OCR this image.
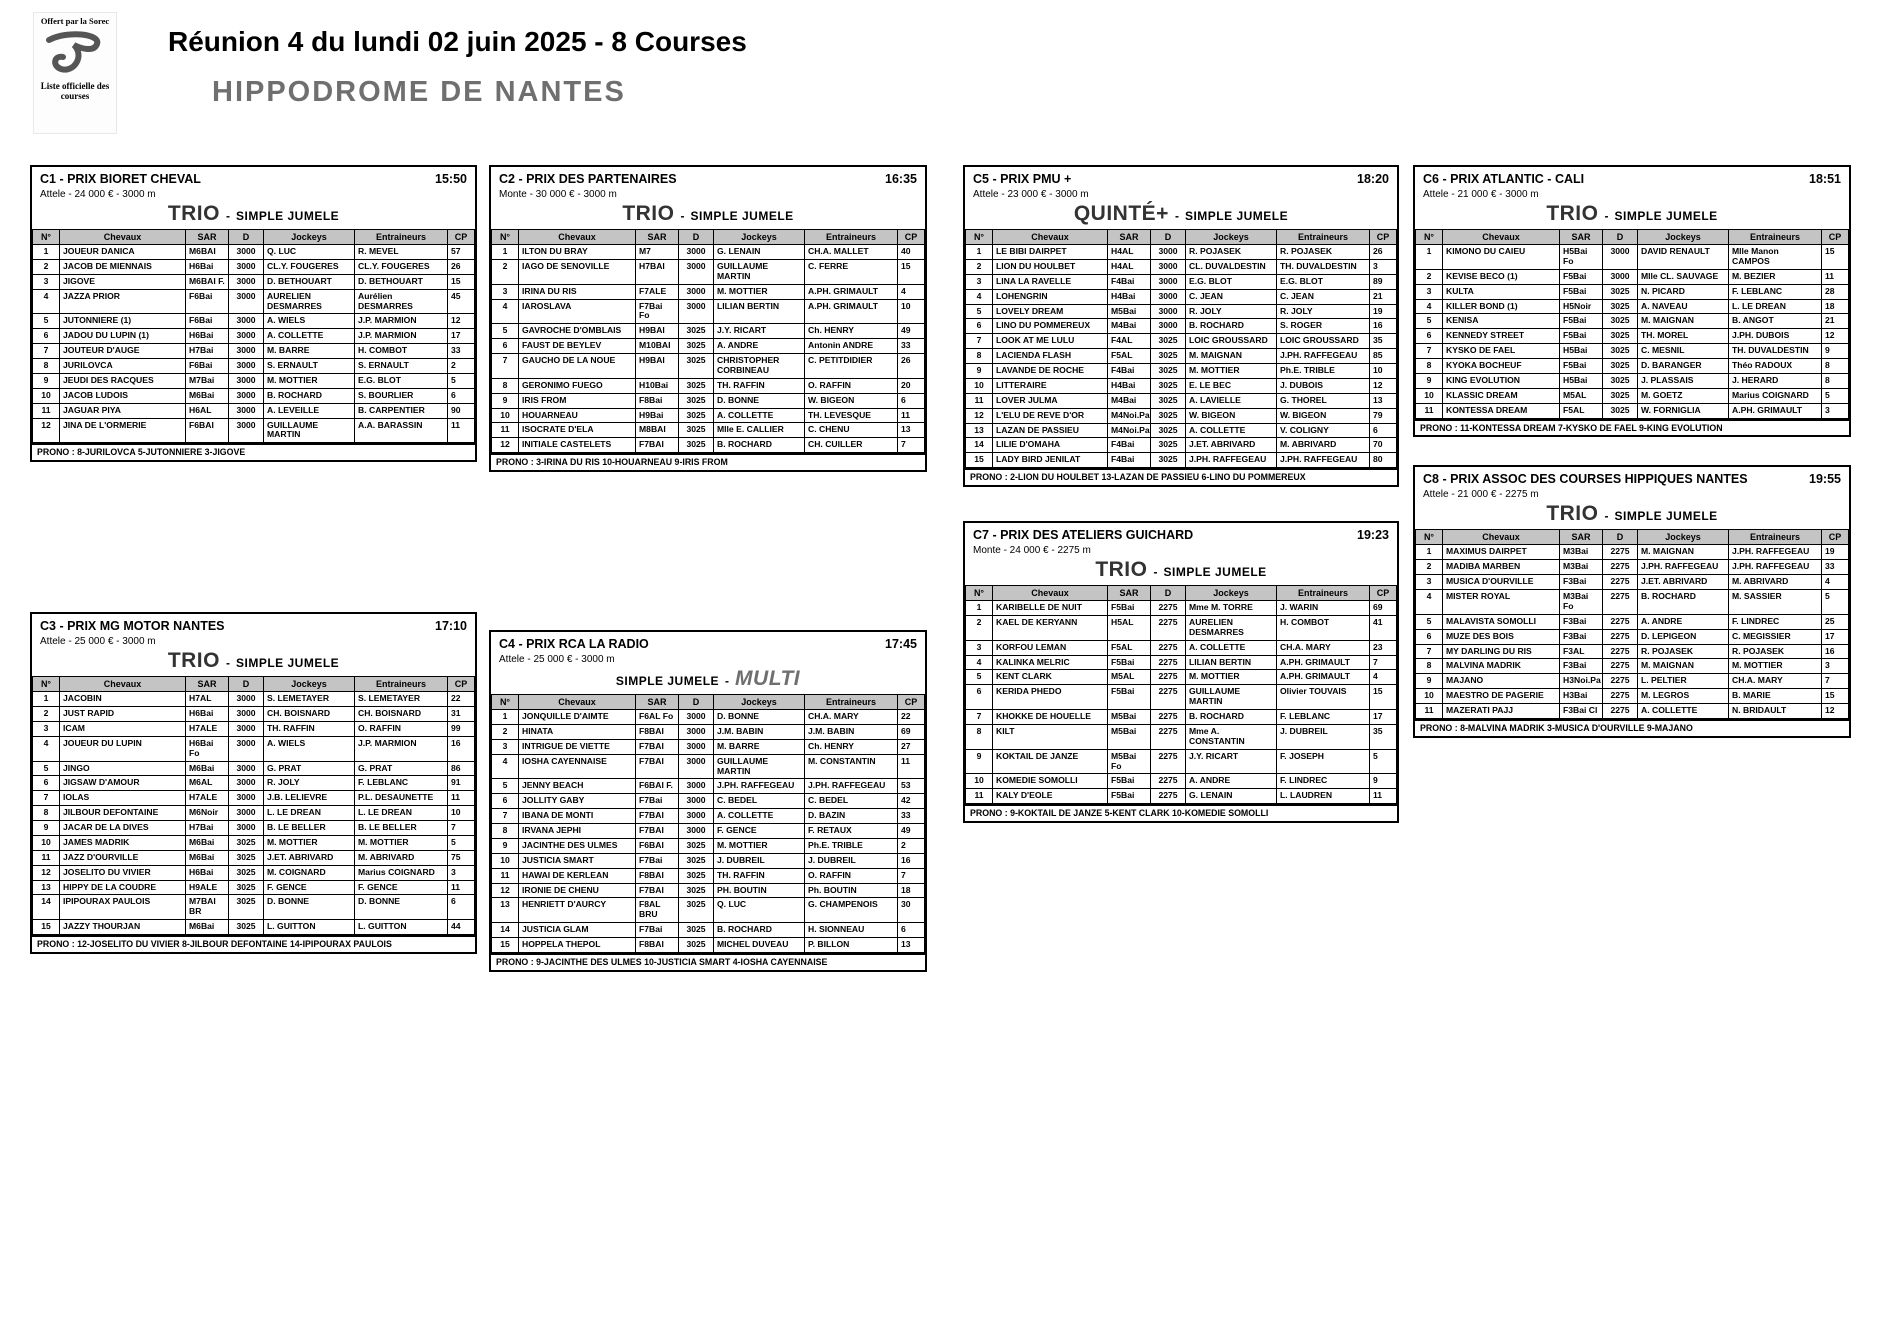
Offert par la Sorec
Liste officielle des courses
Réunion 4 du lundi 02 juin 2025 - 8 Courses
HIPPODROME DE NANTES
C1 - PRIX BIORET CHEVAL	15:50
Attele - 24 000 € - 3000 m
TRIO - SIMPLE JUMELE
N°	Chevaux	SAR	D	Jockeys	Entraineurs	CP
1	JOUEUR DANICA	M6BAI	3000	Q. LUC	R. MEVEL	57
2	JACOB DE MIENNAIS	H6Bai	3000	CL.Y. FOUGERES	CL.Y. FOUGERES	26
3	JIGOVE	M6BAI F.	3000	D. BETHOUART	D. BETHOUART	15
4	JAZZA PRIOR	F6Bai	3000	AURELIEN DESMARRES	Aurélien DESMARRES	45
5	JUTONNIERE (1)	F6Bai	3000	A. WIELS	J.P. MARMION	12
6	JADOU DU LUPIN (1)	H6Bai	3000	A. COLLETTE	J.P. MARMION	17
7	JOUTEUR D'AUGE	H7Bai	3000	M. BARRE	H. COMBOT	33
8	JURILOVCA	F6Bai	3000	S. ERNAULT	S. ERNAULT	2
9	JEUDI DES RACQUES	M7Bai	3000	M. MOTTIER	E.G. BLOT	5
10	JACOB LUDOIS	M6Bai	3000	B. ROCHARD	S. BOURLIER	6
11	JAGUAR PIYA	H6AL	3000	A. LEVEILLE	B. CARPENTIER	90
12	JINA DE L'ORMERIE	F6BAI	3000	GUILLAUME MARTIN	A.A. BARASSIN	11
PRONO : 8-JURILOVCA 5-JUTONNIERE 3-JIGOVE
C3 - PRIX MG MOTOR NANTES	17:10
Attele - 25 000 € - 3000 m
TRIO - SIMPLE JUMELE
N°	Chevaux	SAR	D	Jockeys	Entraineurs	CP
1	JACOBIN	H7AL	3000	S. LEMETAYER	S. LEMETAYER	22
2	JUST RAPID	H6Bai	3000	CH. BOISNARD	CH. BOISNARD	31
3	ICAM	H7ALE	3000	TH. RAFFIN	O. RAFFIN	99
4	JOUEUR DU LUPIN	H6Bai Fo	3000	A. WIELS	J.P. MARMION	16
5	JINGO	M6Bai	3000	G. PRAT	G. PRAT	86
6	JIGSAW D'AMOUR	M6AL	3000	R. JOLY	F. LEBLANC	91
7	IOLAS	H7ALE	3000	J.B. LELIEVRE	P.L. DESAUNETTE	11
8	JILBOUR DEFONTAINE	M6Noir	3000	L. LE DREAN	L. LE DREAN	10
9	JACAR DE LA DIVES	H7Bai	3000	B. LE BELLER	B. LE BELLER	7
10	JAMES MADRIK	M6Bai	3025	M. MOTTIER	M. MOTTIER	5
11	JAZZ D'OURVILLE	M6Bai	3025	J.ET. ABRIVARD	M. ABRIVARD	75
12	JOSELITO DU VIVIER	H6Bai	3025	M. COIGNARD	Marius COIGNARD	3
13	HIPPY DE LA COUDRE	H9ALE	3025	F. GENCE	F. GENCE	11
14	IPIPOURAX PAULOIS	M7BAI BR	3025	D. BONNE	D. BONNE	6
15	JAZZY THOURJAN	M6Bai	3025	L. GUITTON	L. GUITTON	44
PRONO : 12-JOSELITO DU VIVIER 8-JILBOUR DEFONTAINE 14-IPIPOURAX PAULOIS
C2 - PRIX DES PARTENAIRES	16:35
Monte - 30 000 € - 3000 m
TRIO - SIMPLE JUMELE
N°	Chevaux	SAR	D	Jockeys	Entraineurs	CP
1	ILTON DU BRAY	M7	3000	G. LENAIN	CH.A. MALLET	40
2	IAGO DE SENOVILLE	H7BAI	3000	GUILLAUME MARTIN	C. FERRE	15
3	IRINA DU RIS	F7ALE	3000	M. MOTTIER	A.PH. GRIMAULT	4
4	IAROSLAVA	F7Bai Fo	3000	LILIAN BERTIN	A.PH. GRIMAULT	10
5	GAVROCHE D'OMBLAIS	H9BAI	3025	J.Y. RICART	Ch. HENRY	49
6	FAUST DE BEYLEV	M10BAI	3025	A. ANDRE	Antonin ANDRE	33
7	GAUCHO DE LA NOUE	H9BAI	3025	CHRISTOPHER CORBINEAU	C. PETITDIDIER	26
8	GERONIMO FUEGO	H10Bai	3025	TH. RAFFIN	O. RAFFIN	20
9	IRIS FROM	F8Bai	3025	D. BONNE	W. BIGEON	6
10	HOUARNEAU	H9Bai	3025	A. COLLETTE	TH. LEVESQUE	11
11	ISOCRATE D'ELA	M8BAI	3025	Mlle E. CALLIER	C. CHENU	13
12	INITIALE CASTELETS	F7BAI	3025	B. ROCHARD	CH. CUILLER	7
PRONO : 3-IRINA DU RIS 10-HOUARNEAU 9-IRIS FROM
C4 - PRIX RCA LA RADIO	17:45
Attele - 25 000 € - 3000 m
MULTI
-
SIMPLE JUMELE
N°	Chevaux	SAR	D	Jockeys	Entraineurs	CP
1	JONQUILLE D'AIMTE	F6AL Fo	3000	D. BONNE	CH.A. MARY	22
2	HINATA	F8BAI	3000	J.M. BABIN	J.M. BABIN	69
3	INTRIGUE DE VIETTE	F7BAI	3000	M. BARRE	Ch. HENRY	27
4	IOSHA CAYENNAISE	F7BAI	3000	GUILLAUME MARTIN	M. CONSTANTIN	11
5	JENNY BEACH	F6BAI F.	3000	J.PH. RAFFEGEAU	J.PH. RAFFEGEAU	53
6	JOLLITY GABY	F7Bai	3000	C. BEDEL	C. BEDEL	42
7	IBANA DE MONTI	F7BAI	3000	A. COLLETTE	D. BAZIN	33
8	IRVANA JEPHI	F7BAI	3000	F. GENCE	F. RETAUX	49
9	JACINTHE DES ULMES	F6BAI	3025	M. MOTTIER	Ph.E. TRIBLE	2
10	JUSTICIA SMART	F7Bai	3025	J. DUBREIL	J. DUBREIL	16
11	HAWAI DE KERLEAN	F8BAI	3025	TH. RAFFIN	O. RAFFIN	7
12	IRONIE DE CHENU	F7BAI	3025	PH. BOUTIN	Ph. BOUTIN	18
13	HENRIETT D'AURCY	F8AL BRU	3025	Q. LUC	G. CHAMPENOIS	30
14	JUSTICIA GLAM	F7Bai	3025	B. ROCHARD	H. SIONNEAU	6
15	HOPPELA THEPOL	F8BAI	3025	MICHEL DUVEAU	P. BILLON	13
PRONO : 9-JACINTHE DES ULMES 10-JUSTICIA SMART 4-IOSHA CAYENNAISE
C5 - PRIX PMU +	18:20
Attele - 23 000 € - 3000 m
QUINTÉ+ - SIMPLE JUMELE
N°	Chevaux	SAR	D	Jockeys	Entraineurs	CP
1	LE BIBI DAIRPET	H4AL	3000	R. POJASEK	R. POJASEK	26
2	LION DU HOULBET	H4AL	3000	CL. DUVALDESTIN	TH. DUVALDESTIN	3
3	LINA LA RAVELLE	F4Bai	3000	E.G. BLOT	E.G. BLOT	89
4	LOHENGRIN	H4Bai	3000	C. JEAN	C. JEAN	21
5	LOVELY DREAM	M5Bai	3000	R. JOLY	R. JOLY	19
6	LINO DU POMMEREUX	M4Bai	3000	B. ROCHARD	S. ROGER	16
7	LOOK AT ME LULU	F4AL	3025	LOIC GROUSSARD	LOIC GROUSSARD	35
8	LACIENDA FLASH	F5AL	3025	M. MAIGNAN	J.PH. RAFFEGEAU	85
9	LAVANDE DE ROCHE	F4Bai	3025	M. MOTTIER	Ph.E. TRIBLE	10
10	LITTERAIRE	H4Bai	3025	E. LE BEC	J. DUBOIS	12
11	LOVER JULMA	M4Bai	3025	A. LAVIELLE	G. THOREL	13
12	L'ELU DE REVE D'OR	M4Noi.Pa	3025	W. BIGEON	W. BIGEON	79
13	LAZAN DE PASSIEU	M4Noi.Pa	3025	A. COLLETTE	V. COLIGNY	6
14	LILIE D'OMAHA	F4Bai	3025	J.ET. ABRIVARD	M. ABRIVARD	70
15	LADY BIRD JENILAT	F4Bai	3025	J.PH. RAFFEGEAU	J.PH. RAFFEGEAU	80
PRONO : 2-LION DU HOULBET 13-LAZAN DE PASSIEU 6-LINO DU POMMEREUX
C7 - PRIX DES ATELIERS GUICHARD	19:23
Monte - 24 000 € - 2275 m
TRIO - SIMPLE JUMELE
N°	Chevaux	SAR	D	Jockeys	Entraineurs	CP
1	KARIBELLE DE NUIT	F5Bai	2275	Mme M. TORRE	J. WARIN	69
2	KAEL DE KERYANN	H5AL	2275	AURELIEN DESMARRES	H. COMBOT	41
3	KORFOU LEMAN	F5AL	2275	A. COLLETTE	CH.A. MARY	23
4	KALINKA MELRIC	F5Bai	2275	LILIAN BERTIN	A.PH. GRIMAULT	7
5	KENT CLARK	M5AL	2275	M. MOTTIER	A.PH. GRIMAULT	4
6	KERIDA PHEDO	F5Bai	2275	GUILLAUME MARTIN	Olivier TOUVAIS	15
7	KHOKKE DE HOUELLE	M5Bai	2275	B. ROCHARD	F. LEBLANC	17
8	KILT	M5Bai	2275	Mme A. CONSTANTIN	J. DUBREIL	35
9	KOKTAIL DE JANZE	M5Bai Fo	2275	J.Y. RICART	F. JOSEPH	5
10	KOMEDIE SOMOLLI	F5Bai	2275	A. ANDRE	F. LINDREC	9
11	KALY D'EOLE	F5Bai	2275	G. LENAIN	L. LAUDREN	11
PRONO : 9-KOKTAIL DE JANZE 5-KENT CLARK 10-KOMEDIE SOMOLLI
C6 - PRIX ATLANTIC - CALI	18:51
Attele - 21 000 € - 3000 m
TRIO - SIMPLE JUMELE
N°	Chevaux	SAR	D	Jockeys	Entraineurs	CP
1	KIMONO DU CAIEU	H5Bai Fo	3000	DAVID RENAULT	Mlle Manon CAMPOS	15
2	KEVISE BECO (1)	F5Bai	3000	Mlle CL. SAUVAGE	M. BEZIER	11
3	KULTA	F5Bai	3025	N. PICARD	F. LEBLANC	28
4	KILLER BOND (1)	H5Noir	3025	A. NAVEAU	L. LE DREAN	18
5	KENISA	F5Bai	3025	M. MAIGNAN	B. ANGOT	21
6	KENNEDY STREET	F5Bai	3025	TH. MOREL	J.PH. DUBOIS	12
7	KYSKO DE FAEL	H5Bai	3025	C. MESNIL	TH. DUVALDESTIN	9
8	KYOKA BOCHEUF	F5Bai	3025	D. BARANGER	Théo RADOUX	8
9	KING EVOLUTION	H5Bai	3025	J. PLASSAIS	J. HERARD	8
10	KLASSIC DREAM	M5AL	3025	M. GOETZ	Marius COIGNARD	5
11	KONTESSA DREAM	F5AL	3025	W. FORNIGLIA	A.PH. GRIMAULT	3
PRONO : 11-KONTESSA DREAM 7-KYSKO DE FAEL 9-KING EVOLUTION
C8 - PRIX ASSOC DES COURSES HIPPIQUES NANTES	19:55
Attele - 21 000 € - 2275 m
TRIO - SIMPLE JUMELE
N°	Chevaux	SAR	D	Jockeys	Entraineurs	CP
1	MAXIMUS DAIRPET	M3Bai	2275	M. MAIGNAN	J.PH. RAFFEGEAU	19
2	MADIBA MARBEN	M3Bai	2275	J.PH. RAFFEGEAU	J.PH. RAFFEGEAU	33
3	MUSICA D'OURVILLE	F3Bai	2275	J.ET. ABRIVARD	M. ABRIVARD	4
4	MISTER ROYAL	M3Bai Fo	2275	B. ROCHARD	M. SASSIER	5
5	MALAVISTA SOMOLLI	F3Bai	2275	A. ANDRE	F. LINDREC	25
6	MUZE DES BOIS	F3Bai	2275	D. LEPIGEON	C. MEGISSIER	17
7	MY DARLING DU RIS	F3AL	2275	R. POJASEK	R. POJASEK	16
8	MALVINA MADRIK	F3Bai	2275	M. MAIGNAN	M. MOTTIER	3
9	MAJANO	H3Noi.Pa	2275	L. PELTIER	CH.A. MARY	7
10	MAESTRO DE PAGERIE	H3Bai	2275	M. LEGROS	B. MARIE	15
11	MAZERATI PAJJ	F3Bai Cl	2275	A. COLLETTE	N. BRIDAULT	12
PRONO : 8-MALVINA MADRIK 3-MUSICA D'OURVILLE 9-MAJANO
